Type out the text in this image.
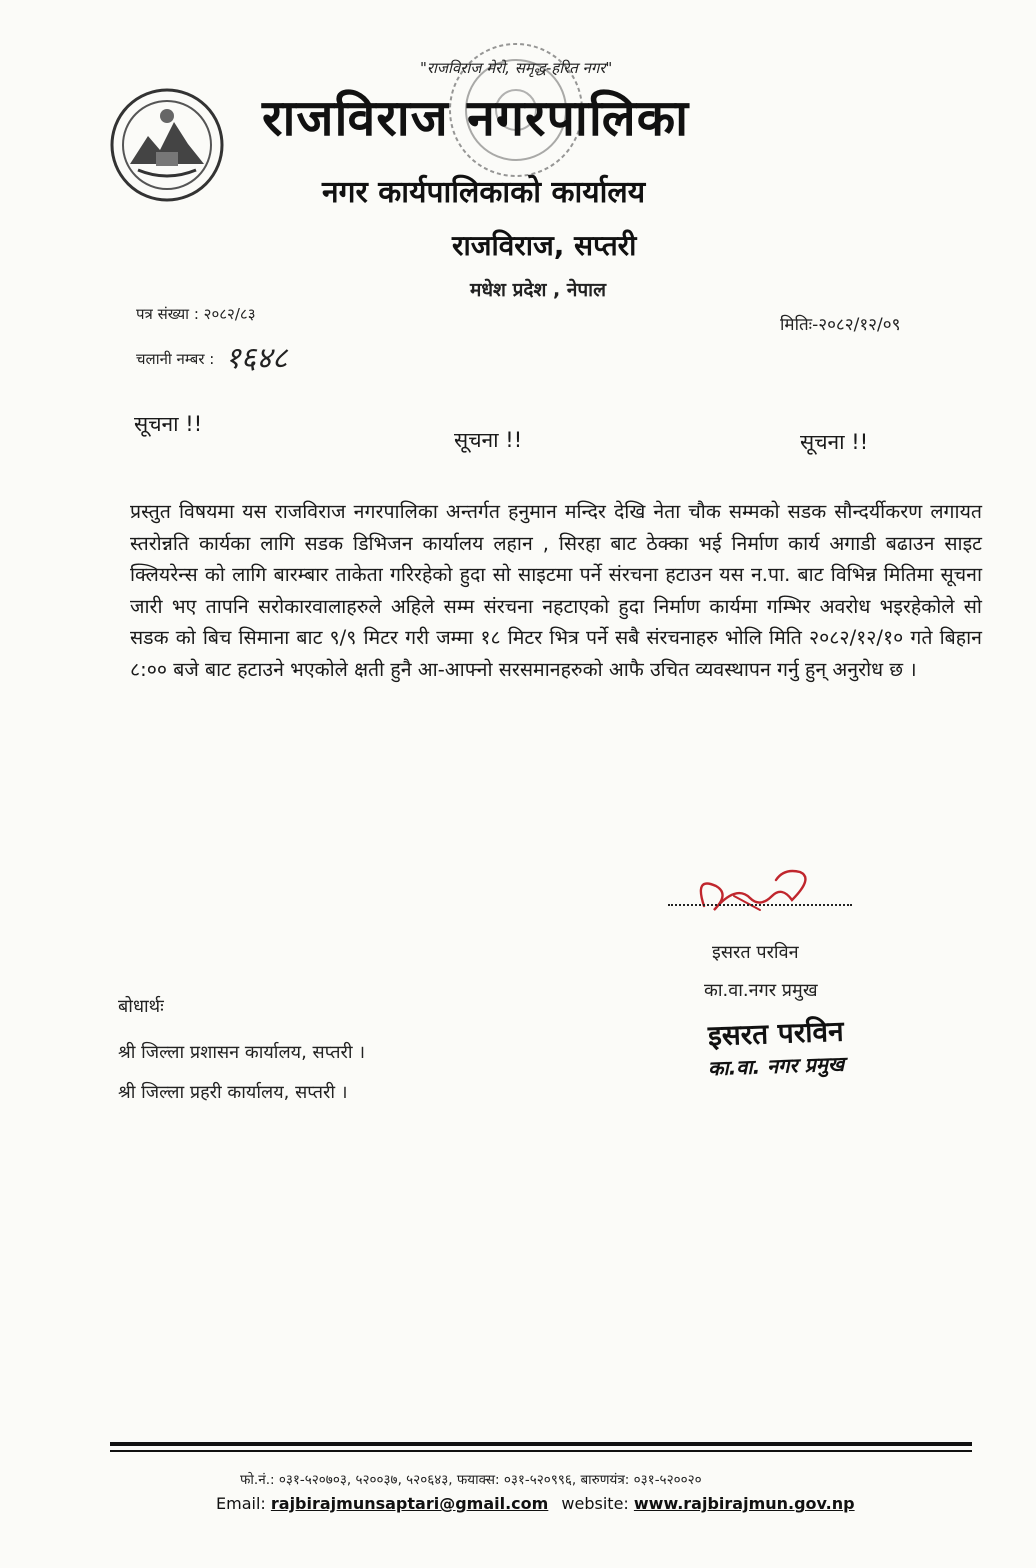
"राजविराज मेरो, समृद्ध-हरित नगर"
राजविराज नगरपालिका
नगर कार्यपालिकाको कार्यालय
राजविराज, सप्तरी
मधेश प्रदेश , नेपाल
पत्र संख्या : २०८२/८३
चलानी नम्बर : १६४८
मितिः-२०८२/१२/०९
सूचना !!
सूचना !!	सूचना !!
प्रस्तुत विषयमा यस राजविराज नगरपालिका अन्तर्गत हनुमान मन्दिर देखि नेता चौक सम्मको सडक सौन्दर्यीकरण लगायत स्तरोन्नति कार्यका लागि सडक डिभिजन कार्यालय लहान , सिरहा बाट ठेक्का भई निर्माण कार्य अगाडी बढाउन साइट क्लियरेन्स को लागि बारम्बार ताकेता गरिरहेको हुदा सो साइटमा पर्ने संरचना हटाउन यस न.पा. बाट विभिन्न मितिमा सूचना जारी भए तापनि सरोकारवालाहरुले अहिले सम्म संरचना नहटाएको हुदा निर्माण कार्यमा गम्भिर अवरोध भइरहेकोले सो सडक को बिच सिमाना बाट ९/९ मिटर गरी जम्मा १८ मिटर भित्र पर्ने सबै संरचनाहरु भोलि मिति २०८२/१२/१० गते बिहान ८:०० बजे बाट हटाउने भएकोले क्षती हुनै आ-आफ्नो सरसमानहरुको आफै उचित व्यवस्थापन गर्नु हुन् अनुरोध छ ।
इसरत परविन
का.वा.नगर प्रमुख
इसरत परविन
का.वा. नगर प्रमुख
बोधार्थः
श्री जिल्ला प्रशासन कार्यालय, सप्तरी ।
श्री जिल्ला प्रहरी कार्यालय, सप्तरी ।
फो.नं.: ०३१-५२०७०३, ५२००३७, ५२०६४३, फयाक्स: ०३१-५२०९९६, बारुणयंत्र: ०३१-५२००२०
Email: rajbirajmunsaptari@gmail.com website: www.rajbirajmun.gov.np
